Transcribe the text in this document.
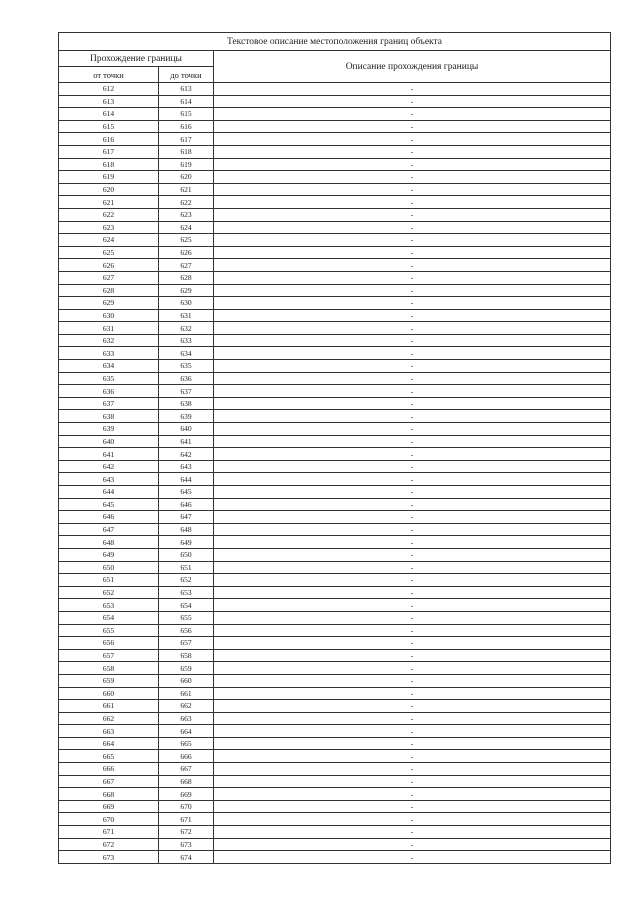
Текстовое описание местоположения границ объекта		
Прохождение границы		Описание прохождения границы
от точки	до точки	
612	613	-
613	614	-
614	615	-
615	616	-
616	617	-
617	618	-
618	619	-
619	620	-
620	621	-
621	622	-
622	623	-
623	624	-
624	625	-
625	626	-
626	627	-
627	628	-
628	629	-
629	630	-
630	631	-
631	632	-
632	633	-
633	634	-
634	635	-
635	636	-
636	637	-
637	638	-
638	639	-
639	640	-
640	641	-
641	642	-
642	643	-
643	644	-
644	645	-
645	646	-
646	647	-
647	648	-
648	649	-
649	650	-
650	651	-
651	652	-
652	653	-
653	654	-
654	655	-
655	656	-
656	657	-
657	658	-
658	659	-
659	660	-
660	661	-
661	662	-
662	663	-
663	664	-
664	665	-
665	666	-
666	667	-
667	668	-
668	669	-
669	670	-
670	671	-
671	672	-
672	673	-
673	674	-
